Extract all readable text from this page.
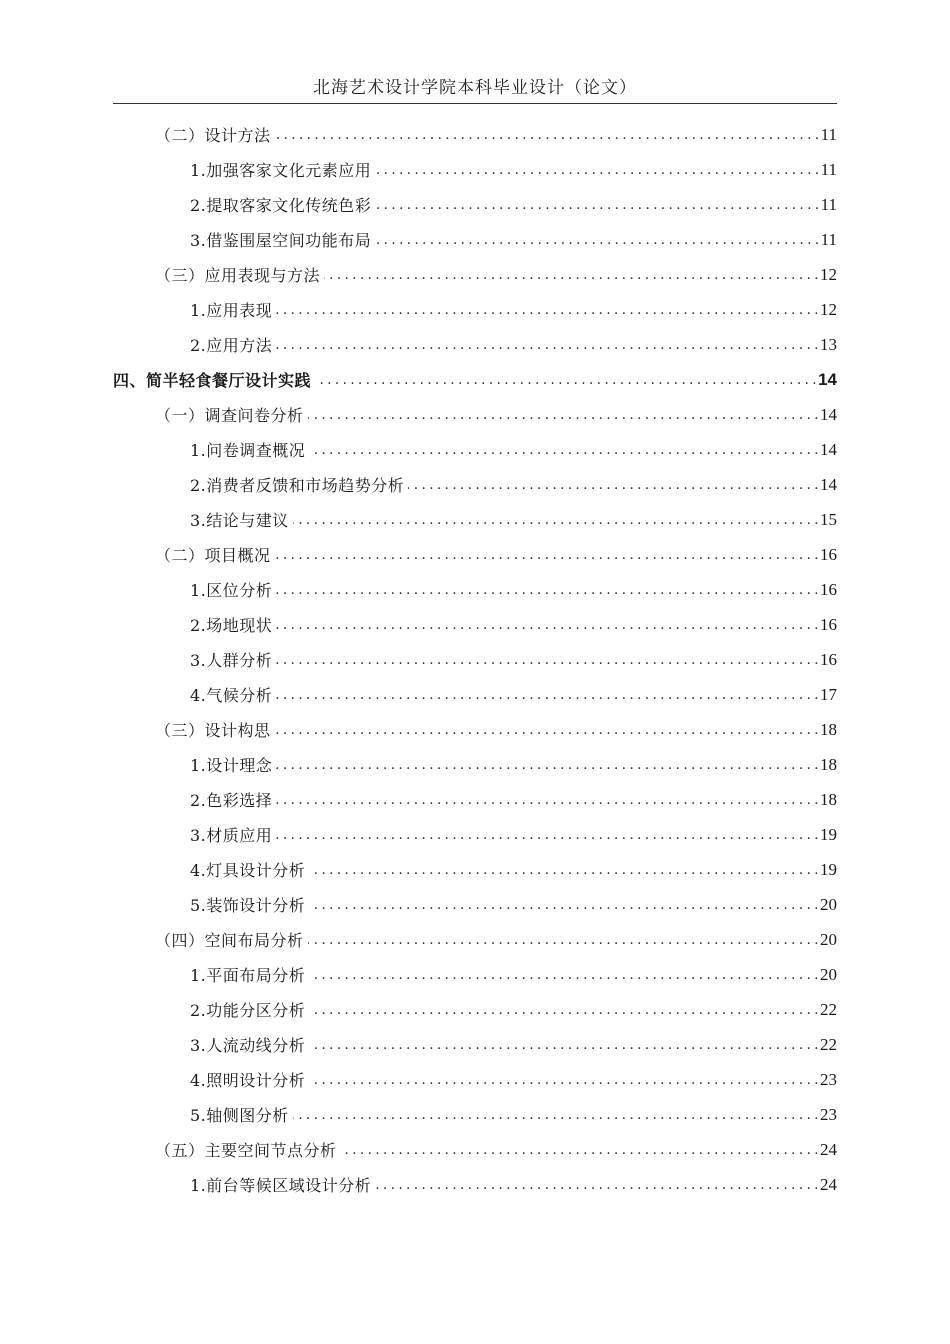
北海艺术设计学院本科毕业设计（论文）
（二）设计方法 . . .	11
1.加强客家文化元素应用 . . .	11
2.提取客家文化传统色彩 . . .	11
3.借鉴围屋空间功能布局 . . .	11
（三）应用表现与方法 . . .	12
1.应用表现 . . .	12
2.应用方法 . . .	13
四、简半轻食餐厅设计实践 . . .	14
（一）调查问卷分析 . . .	14
1.问卷调查概况 . . .	14
2.消费者反馈和市场趋势分析 . . .	14
3.结论与建议 . . .	15
（二）项目概况 . . .	16
1.区位分析 . . .	16
2.场地现状 . . .	16
3.人群分析 . . .	16
4.气候分析 . . .	17
（三）设计构思 . . .	18
1.设计理念 . . .	18
2.色彩选择 . . .	18
3.材质应用 . . .	19
4.灯具设计分析 . . .	19
5.装饰设计分析 . . .	20
（四）空间布局分析 . . .	20
1.平面布局分析 . . .	20
2.功能分区分析 . . .	22
3.人流动线分析 . . .	22
4.照明设计分析 . . .	23
5.轴侧图分析 . . .	23
（五）主要空间节点分析 . . .	24
1.前台等候区域设计分析 . . .	24
